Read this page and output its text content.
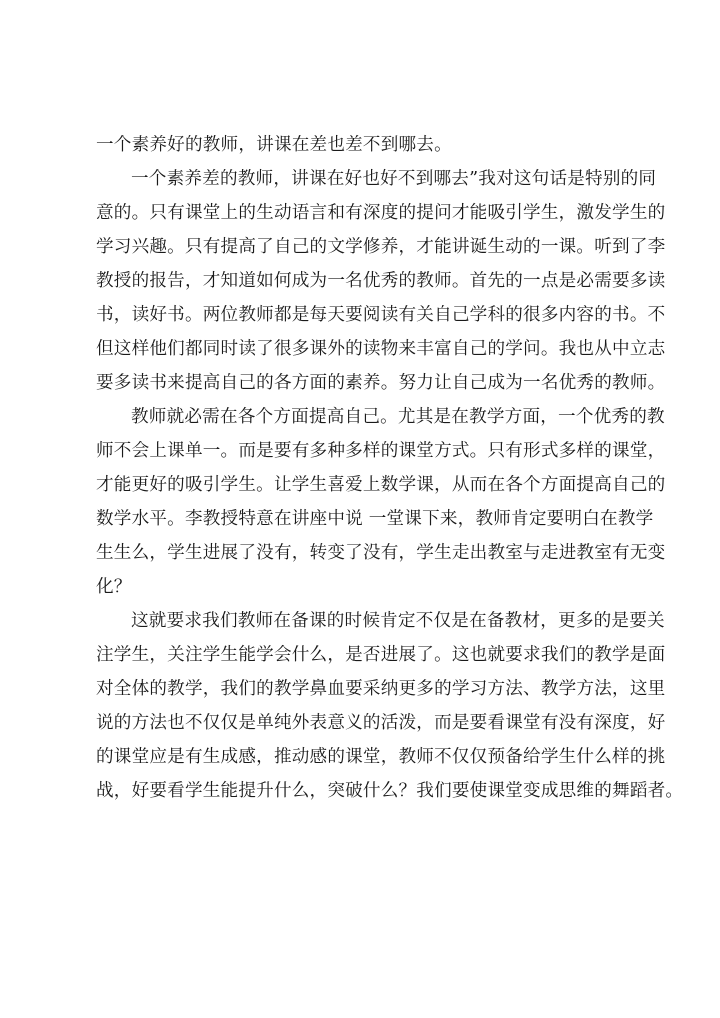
一个素养好的教师，讲课在差也差不到哪去。
一个素养差的教师，讲课在好也好不到哪去”我对这句话是特别的同
意的。只有课堂上的生动语言和有深度的提问才能吸引学生，激发学生的
学习兴趣。只有提高了自己的文学修养，才能讲诞生动的一课。听到了李
教授的报告，才知道如何成为一名优秀的教师。首先的一点是必需要多读
书，读好书。两位教师都是每天要阅读有关自己学科的很多内容的书。不
但这样他们都同时读了很多课外的读物来丰富自己的学问。我也从中立志
要多读书来提高自己的各方面的素养。努力让自己成为一名优秀的教师。
教师就必需在各个方面提高自己。尤其是在教学方面，一个优秀的教
师不会上课单一。而是要有多种多样的课堂方式。只有形式多样的课堂，
才能更好的吸引学生。让学生喜爱上数学课，从而在各个方面提高自己的
数学水平。李教授特意在讲座中说 一堂课下来，教师肯定要明白在教学
生生么，学生进展了没有，转变了没有，学生走出教室与走进教室有无变
化？
这就要求我们教师在备课的时候肯定不仅是在备教材，更多的是要关
注学生，关注学生能学会什么，是否进展了。这也就要求我们的教学是面
对全体的教学，我们的教学鼻血要采纳更多的学习方法、教学方法，这里
说的方法也不仅仅是单纯外表意义的活泼，而是要看课堂有没有深度，好
的课堂应是有生成感，推动感的课堂，教师不仅仅预备给学生什么样的挑
战，好要看学生能提升什么，突破什么？我们要使课堂变成思维的舞蹈者。
